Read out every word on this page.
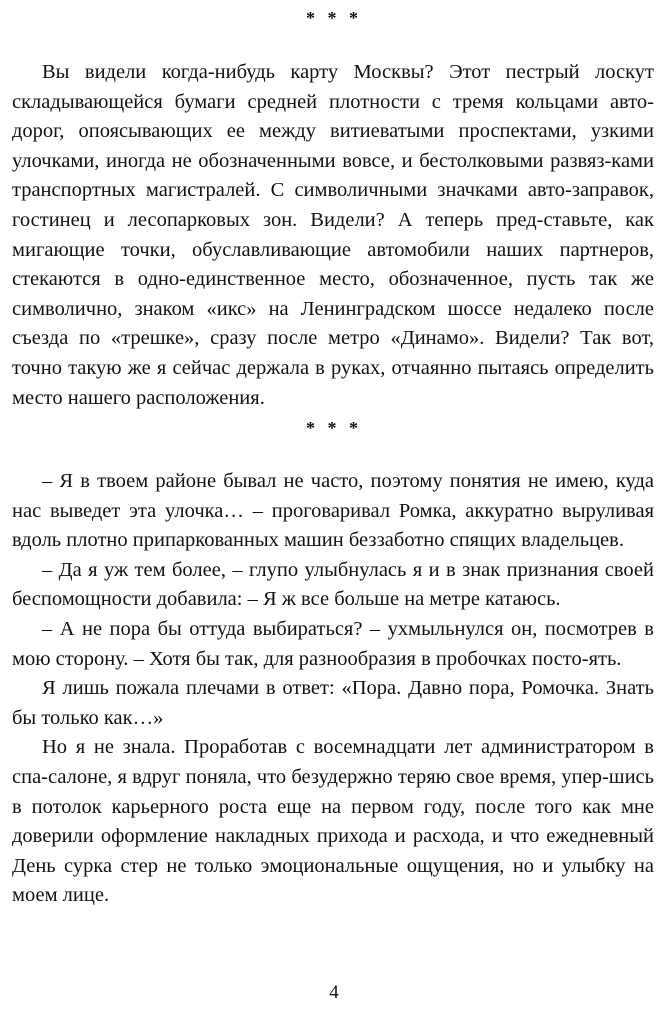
* * *

Вы видели когда-нибудь карту Москвы? Этот пестрый лоскут складывающейся бумаги средней плотности с тремя кольцами авто-дорог, опоясывающих ее между витиеватыми проспектами, узкими улочками, иногда не обозначенными вовсе, и бестолковыми развяз-ками транспортных магистралей. С символичными значками авто-заправок, гостинец и лесопарковых зон. Видели? А теперь пред-ставьте, как мигающие точки, обуславливающие автомобили наших партнеров, стекаются в одно-единственное место, обозначенное, пусть так же символично, знаком «икс» на Ленинградском шоссе недалеко после съезда по «трешке», сразу после метро «Динамо». Видели? Так вот, точно такую же я сейчас держала в руках, отчаянно пытаясь определить место нашего расположения.

* * *

– Я в твоем районе бывал не часто, поэтому понятия не имею, куда нас выведет эта улочка… – проговаривал Ромка, аккуратно выруливая вдоль плотно припаркованных машин беззаботно спящих владельцев.

– Да я уж тем более, – глупо улыбнулась я и в знак признания своей беспомощности добавила: – Я ж все больше на метре катаюсь.

– А не пора бы оттуда выбираться? – ухмыльнулся он, посмотрев в мою сторону. – Хотя бы так, для разнообразия в пробочках посто-ять.

Я лишь пожала плечами в ответ: «Пора. Давно пора, Ромочка. Знать бы только как…»

Но я не знала. Проработав с восемнадцати лет администратором в спа-салоне, я вдруг поняла, что безудержно теряю свое время, упер-шись в потолок карьерного роста еще на первом году, после того как мне доверили оформление накладных прихода и расхода, и что ежедневный День сурка стер не только эмоциональные ощущения, но и улыбку на моем лице.

4
